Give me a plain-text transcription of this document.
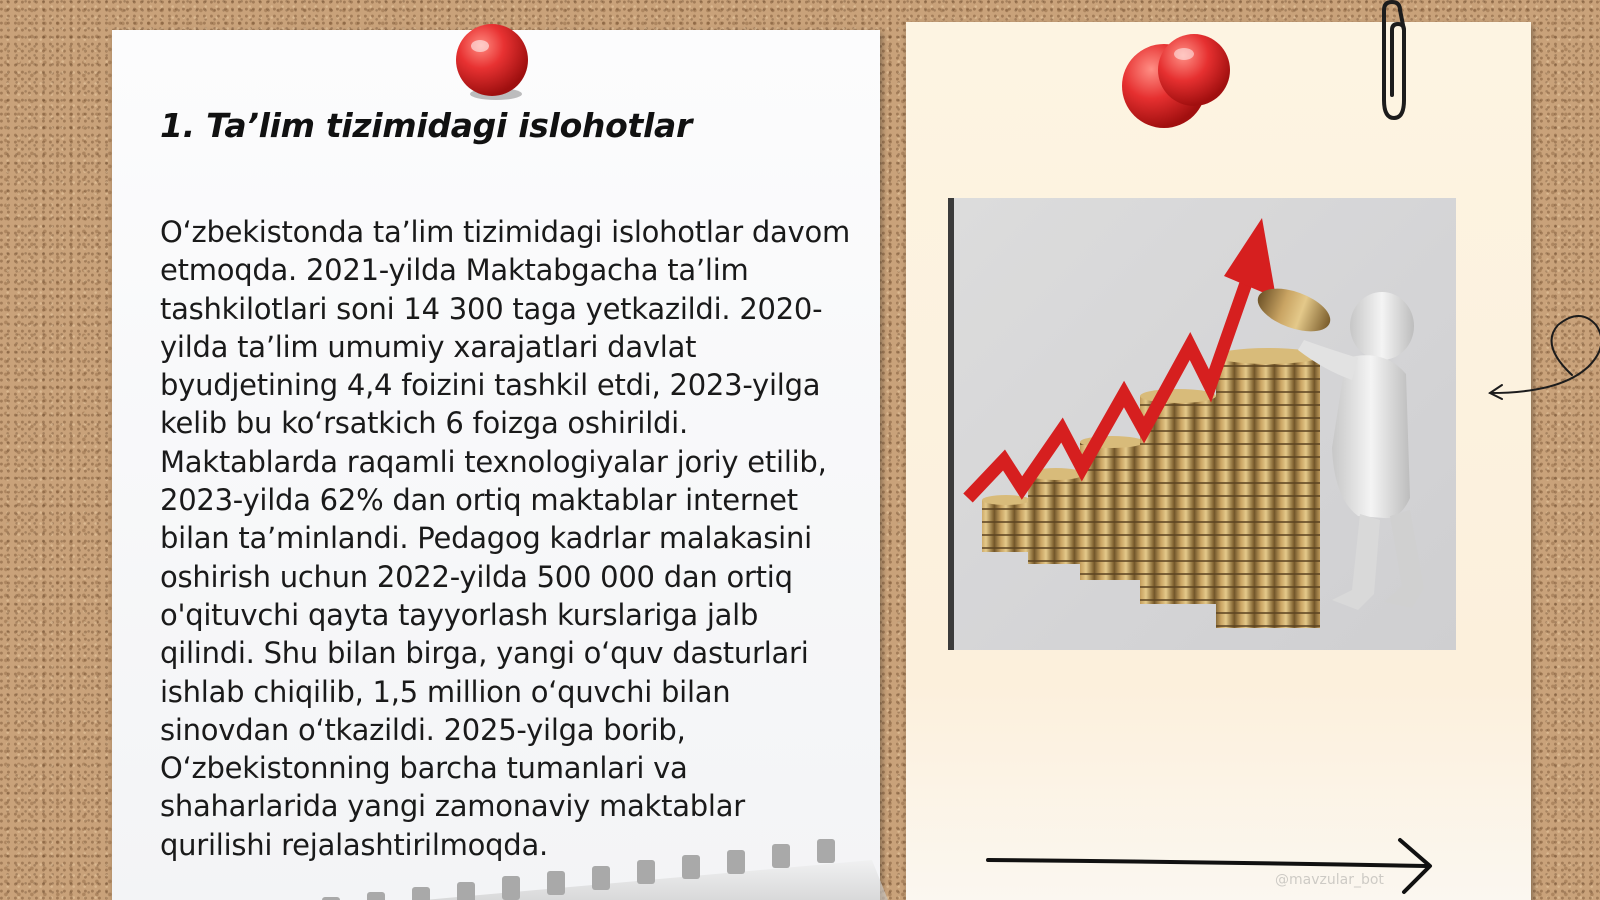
1. Ta’lim tizimidagi islohotlar

O‘zbekistonda ta’lim tizimidagi islohotlar davom etmoqda. 2021-yilda Maktabgacha ta’lim tashkilotlari soni 14 300 taga yetkazildi. 2020-yilda ta’lim umumiy xarajatlari davlat byudjetining 4,4 foizini tashkil etdi, 2023-yilga kelib bu ko‘rsatkich 6 foizga oshirildi. Maktablarda raqamli texnologiyalar joriy etilib, 2023-yilda 62% dan ortiq maktablar internet bilan ta’minlandi. Pedagog kadrlar malakasini oshirish uchun 2022-yilda 500 000 dan ortiq o'qituvchi qayta tayyorlash kurslariga jalb qilindi. Shu bilan birga, yangi o‘quv dasturlari ishlab chiqilib, 1,5 million o‘quvchi bilan sinovdan o‘tkazildi. 2025-yilga borib, O‘zbekistonning barcha tumanlari va shaharlarida yangi zamonaviy maktablar qurilishi rejalashtirilmoqda.

@mavzular_bot
